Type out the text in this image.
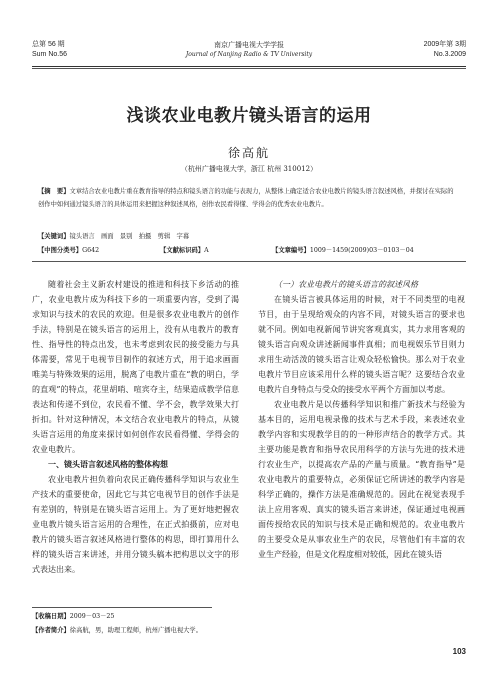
总第 56 期
Sum No.56
南京广播电视大学学报
Journal of Nanjing Radio & TV University
2009年第 3期
No.3.2009
浅谈农业电教片镜头语言的运用
徐高航
（杭州广播电视大学，浙江 杭州 310012）
【摘　要】文章结合农业电教片重在教育指导的特点和镜头语言的功能与表现力，从整体上确定适合农业电教片的镜头语言叙述风格，并探讨在实际的创作中如何通过镜头语言的具体运用来把握这种叙述风格，创作农民看得懂、学得会的优秀农业电教片。
【关键词】镜头语言　画面　景别　拍摄　剪辑　字幕
【中图分类号】G642	【文献标识码】A	【文章编号】1009－1459(2009)03－0103－04

随着社会主义新农村建设的推进和科技下乡活动的推广，农业电教片成为科技下乡的一项重要内容，受到了渴求知识与技术的农民的欢迎。但是很多农业电教片的创作手法，特别是在镜头语言的运用上，没有从电教片的教育性、指导性的特点出发，也未考虑到农民的接受能力与具体需要，常见于电视节目制作的叙述方式，用于追求画面唯美与特殊效果的运用，脱离了电教片重在“教的明白，学的直观”的特点，花里胡哨、喧宾夺主，结果造成教学信息表达和传递不到位，农民看不懂、学不会，教学效果大打折扣。针对这种情况，本文结合农业电教片的特点，从镜头语言运用的角度来探讨如何创作农民看得懂、学得会的农业电教片。

一、镜头语言叙述风格的整体构想

农业电教片担负着向农民正确传播科学知识与农业生产技术的重要使命，因此它与其它电视节目的创作手法是有差别的，特别是在镜头语言运用上。为了更好地把握农业电教片镜头语言运用的合理性，在正式拍摄前，应对电教片的镜头语言叙述风格进行整体的构思，即打算用什么样的镜头语言来讲述，并用分镜头稿本把构思以文字的形式表达出来。

（一）农业电教片的镜头语言的叙述风格

在镜头语言被具体运用的时候，对于不同类型的电视节目，由于呈现给观众的内容不同，对镜头语言的要求也就不同。例如电视新闻节讲究客观真实，其力求用客观的镜头语言向观众讲述新闻事件真相；而电视娱乐节目则力求用生动活泼的镜头语言让观众轻松愉快。那么对于农业电教片节目应该采用什么样的镜头语言呢？这要结合农业电教片自身特点与受众的接受水平两个方面加以考虑。

农业电教片是以传播科学知识和推广新技术与经验为基本目的，运用电视录像的技术与艺术手段，来表述农业教学内容和实现教学目的的一种形声结合的教学方式。其主要功能是教育和指导农民用科学的方法与先进的技术进行农业生产，以提高农产品的产量与质量。“教育指导”是农业电教片的重要特点，必须保证它所讲述的教学内容是科学正确的，操作方法是准确规范的。因此在视觉表现手法上应用客观、真实的镜头语言来讲述，保证通过电视画面传授给农民的知识与技术是正确和规范的。农业电教片的主要受众是从事农业生产的农民，尽管他们有丰富的农业生产经验，但是文化程度相对较低，因此在镜头语

【收稿日期】2009－03－25
【作者简介】徐高航，男，助理工程师，杭州广播电视大学。
103
